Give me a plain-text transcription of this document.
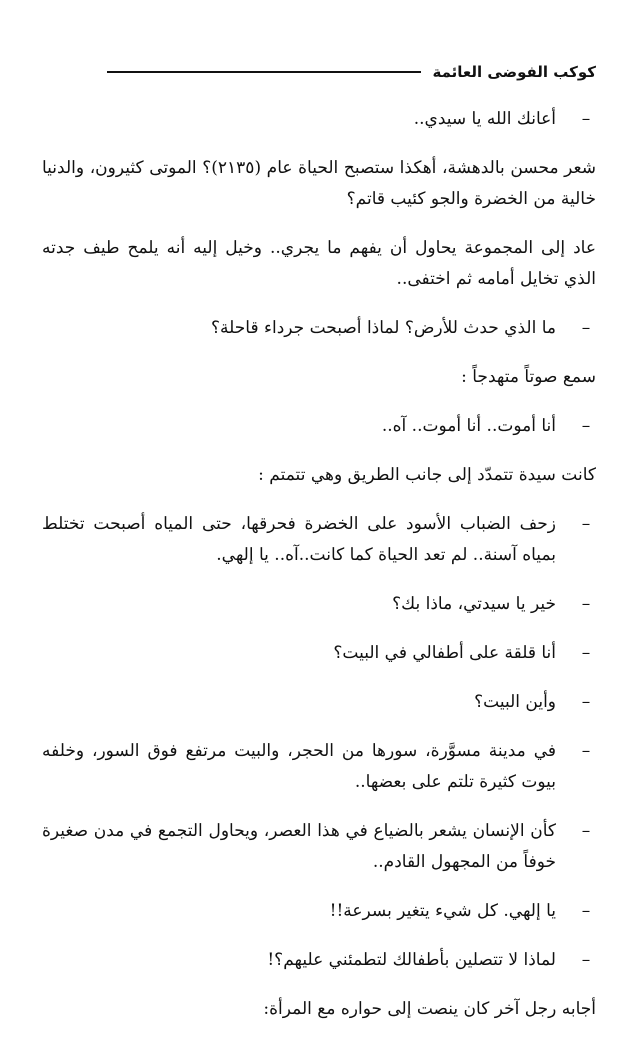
كوكب الفوضى العائمة
–
أعانك الله يا سيدي..
شعر محسن بالدهشة، أهكذا ستصبح الحياة عام (٢١٣٥)؟ الموتى كثيرون، والدنيا خالية من الخضرة والجو كئيب قاتم؟
عاد إلى المجموعة يحاول أن يفهم ما يجري.. وخيل إليه أنه يلمح طيف جدته الذي تخايل أمامه ثم اختفى..
–
ما الذي حدث للأرض؟ لماذا أصبحت جرداء قاحلة؟
سمع صوتاً متهدجاً :
–
أنا أموت.. أنا أموت.. آه..
كانت سيدة تتمدّد إلى جانب الطريق وهي تتمتم :
–
زحف الضباب الأسود على الخضرة فحرقها، حتى المياه أصبحت تختلط بمياه آسنة.. لم تعد الحياة كما كانت..آه.. يا إلهي.
–
خير يا سيدتي، ماذا بك؟
–
أنا قلقة على أطفالي في البيت؟
–
وأين البيت؟
–
في مدينة مسوَّرة، سورها من الحجر، والبيت مرتفع فوق السور، وخلفه بيوت كثيرة تلتم على بعضها..
–
كأن الإنسان يشعر بالضياع في هذا العصر، ويحاول التجمع في مدن صغيرة خوفاً من المجهول القادم..
–
يا إلهي. كل شيء يتغير بسرعة!!
–
لماذا لا تتصلين بأطفالك لتطمئني عليهم؟!
أجابه رجل آخر كان ينصت إلى حواره مع المرأة:
